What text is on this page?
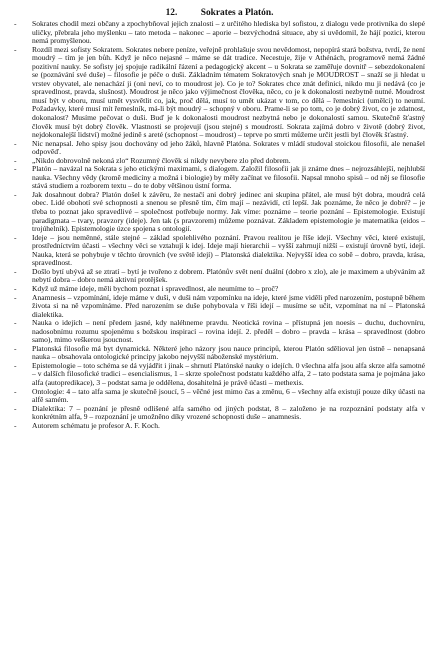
12. Sokrates a Platón.
-	Sokrates chodil mezi občany a zpochybňoval jejich znalosti – z určitého hlediska byl sofistou, z dialogu vede protivníka do slepé uličky, přebrala jeho myšlenku – tato metoda – nakonec – aporie – bezvýchodná situace, aby si uvědomil, že hájí pozici, kterou nemá promyšlenou.
-	Rozdíl mezi sofisty Sokratem. Sokrates nebere peníze, veřejně prohlašuje svou nevědomost, nepopírá stará božstva, tvrdí, že není moudrý – tím je jen bůh. Když je něco nejasné – máme se dát tradice. Necestuje, žije v Athénách, programově nemá žádné pozitivní nauky. Se sofisty jej spojuje radikální řázení a pedagogický akcent – u Sokrata se zaměřuje dovnitř – sebezdokonalení se (poznávání své duše) – filosofie je péče o duši. Základním tématem Sokratových snah je MOUDROST – snaží se ji hledat u vrstev obyvatel, ale nenachází ji (oni neví, co to moudrost je). Co je to? Sokrates chce znát definici, nikdo mu ji nedává (co je spravedlnost, pravda, slušnost). Moudrost je něco jako výjimečnost člověka, něco, co je k dokonalosti nezbytně nutné. Moudrost musí být v oboru, musí umět vysvětlit co, jak, proč dělá, musí to umět ukázat v tom, co dělá – řemeslníci (umělci) to neumí. Požadavky, které musí mít řemeslník, má-li být moudrý – schopný v oboru. Prame-li se po tom, co je dobrý život, co je zdatnost, dokonalost? Musíme pečovat o duši. Buď je k dokonalosti moudrost nezbytná nebo je dokonalostí samou. Skutečně šťastný člověk musí být dobrý člověk. Vlastnosti se projevují (jsou stejné) s moudrostí. Sokrata zajímá dobro v životě (dobrý život, nejdokonalejší lidství) možné jedině s areté (schopnost – moudrost) – teprve po smrti můžeme určit jestli byl člověk šťastný.
-	Nic nenapsal. Jeho spisy jsou dochovány od jeho žáků, hlavně Platóna. Sokrates v mládí studoval stoickou filosofii, ale nenašel odpověď.
-	„Nikdo dobrovolně nekoná zlo“ Rozumný člověk si nikdy nevybere zlo před dobrem.
-	Platón – navázal na Sokrata s jeho etickými maximami, s dialogem. Založil filosofii jak ji známe dnes – nejrozsáhlejší, nejhlubší nauka. Všechny vědy (kromě medicíny a možná i biologie) by měly začínat ve filosofii. Napsal mnoho spisů – od něj se filosofie stává studiem a rozborem textu – do te doby většinou ústní forma.
-	Jak dosahnout dobra? Platón došel k závěru, že nestačí ani dobrý jedinec ani skupina přátel, ale musí být dobra, moudrá celá obec. Lidé obohotí své schopnosti a snenou se přesně tím, čím mají – nezávidí, ctí lepší. Jak poznáme, že něco je dobré? – je třeba to poznat jako spravedlivé – společnost potřebuje normy. Jak víme: poznáme – teorie poznání – Epistemologie. Existují paradigmata – tvary, pravzory (ideje). Jen tak (s pravzorem) můžeme poznávat. Základem epistemologie je matematika (eidos – trojúhelník). Epistemologie úzce spojena s ontologií.
-	Ideje – jsou neměnné, stále stejné – základ spolehlivého poznání. Pravou realitou je říše idejí. Všechny věci, které existují, prostředníctvím účasti – všechny věci se vztahují k idej. Ideje mají hierarchii – vyšší zahrnují nižší – existují úrovně bytí, idejí. Nauka, která se pohybuje v těchto úrovních (ve světě idejí) – Platonská dialektika. Nejvyšší idea co sobě – dobro, pravda, krása, spravedlnost.
-	Došlo bytí ubývá až se ztratí – bytí je tvořeno z dobrem. Platónův svět není duální (dobro x zlo), ale je maximem a ubýváním až nebytí dobra – dobro nemá aktivní protějšek.
-	Když už máme ideje, měli bychom poznat i spravedlnost, ale neumíme to – proč?
-	Anamnesis – vzpomínání, ideje máme v duši, v duši nám vzpomínku na ideje, které jsme viděli před narozením, postupně během života si na ně vzpomínáme. Před narozením se duše pohybovala v říši idejí – musíme se učit, vzpomínat na ní – Platonská dialektika.
-	Nauka o idejích – není předem jasné, kdy naléhneme pravdu. Neotická rovina – přístupná jen noesis – duchu, duchovníru, nadosobnímu rozumu spojenému s božskou inspirací – rovina idejí. 2. předěl – dobro – pravda – krása – spravedlnost (dobro samo), mimo veškerou jsoucnost.
-	Platonská filosofie má byt dynamická. Některé jeho názory jsou nauce principů, kterou Platón sdělioval jen ústně – nenapsaná nauka – obsahovala ontologické principy jakobo nejvyšší náboženské mystérium.
-	Epistemologie – toto schéma se dá vyjádřit i jinak – shrnutí Platónské nauky o idejích. 0 všechna alfa jsou alfa skrze alfa samotné – v dalších filosofické tradici – esencialismus, 1 – skrze společnost podstatu každého alfa, 2 – tato podstata sama je pojmána jako alfa (autopredikace), 3 – podstat sama je oddělena, dosahitelná je právě účasti – methexis.
-	Ontologie: 4 – tato alfa sama je skutečně jsoucí, 5 – věčné jest mimo čas a změnu, 6 – všechny alfa existují pouze díky účasti na alfě samém.
-	Dialektika: 7 – poznání je přesně odlišené alfa samého od jiných podstat, 8 – založeno je na rozpoznání podstaty alfa v konkrétním alfa, 9 – rozpoznání je umožněno díky vrozené schopnosti duše – anamnesis.
-	Autorem schématu je profesor A. F. Koch.
